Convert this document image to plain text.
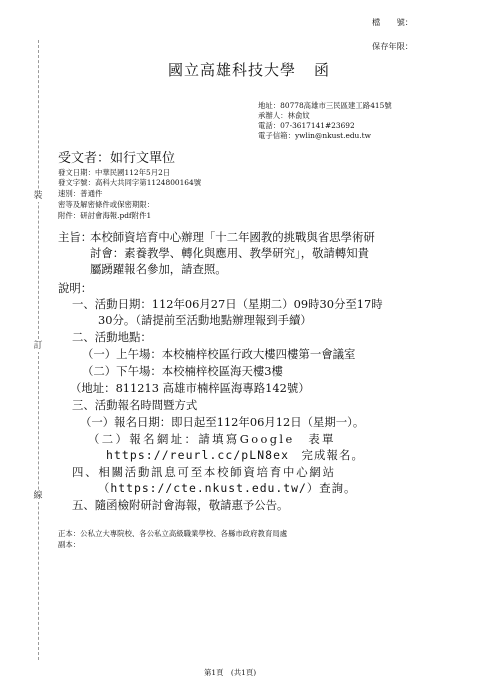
裝
訂
線
檔　　號：
保存年限：
國立高雄科技大學 函
地址：80778高雄市三民區建工路415號
承辦人：林俞妏
電話：07-3617141#23692
電子信箱：ywlin@nkust.edu.tw
受文者：如行文單位
發文日期：中華民國112年5月2日
發文字號：高科大共同字第1124800164號
速別：普通件
密等及解密條件或保密期限：
附件：研討會海報.pdf附件1
主旨：
本校師資培育中心辦理「十二年國教的挑戰與省思學術研
討會：素養教學、轉化與應用、教學研究」，敬請轉知貴
屬踴躍報名參加，請查照。
說明：
一、活動日期：112年06月27日（星期二）09時30分至17時
30分。（請提前至活動地點辦理報到手續）
二、活動地點：
（一）上午場：本校楠梓校區行政大樓四樓第一會議室
（二）下午場：本校楠梓校區海天樓3樓
（地址：811213 高雄市楠梓區海專路142號）
三、活動報名時間暨方式
（一）報名日期：即日起至112年06月12日（星期一）。
（二）報名網址：請填寫Google　表單
https://reurl.cc/pLN8ex　完成報名。
四、相關活動訊息可至本校師資培育中心網站
（https://cte.nkust.edu.tw/）查詢。
五、隨函檢附研討會海報，敬請惠予公告。
正本：公私立大專院校、各公私立高級職業學校、各縣市政府教育局處
副本：
第1頁　(共1頁)
